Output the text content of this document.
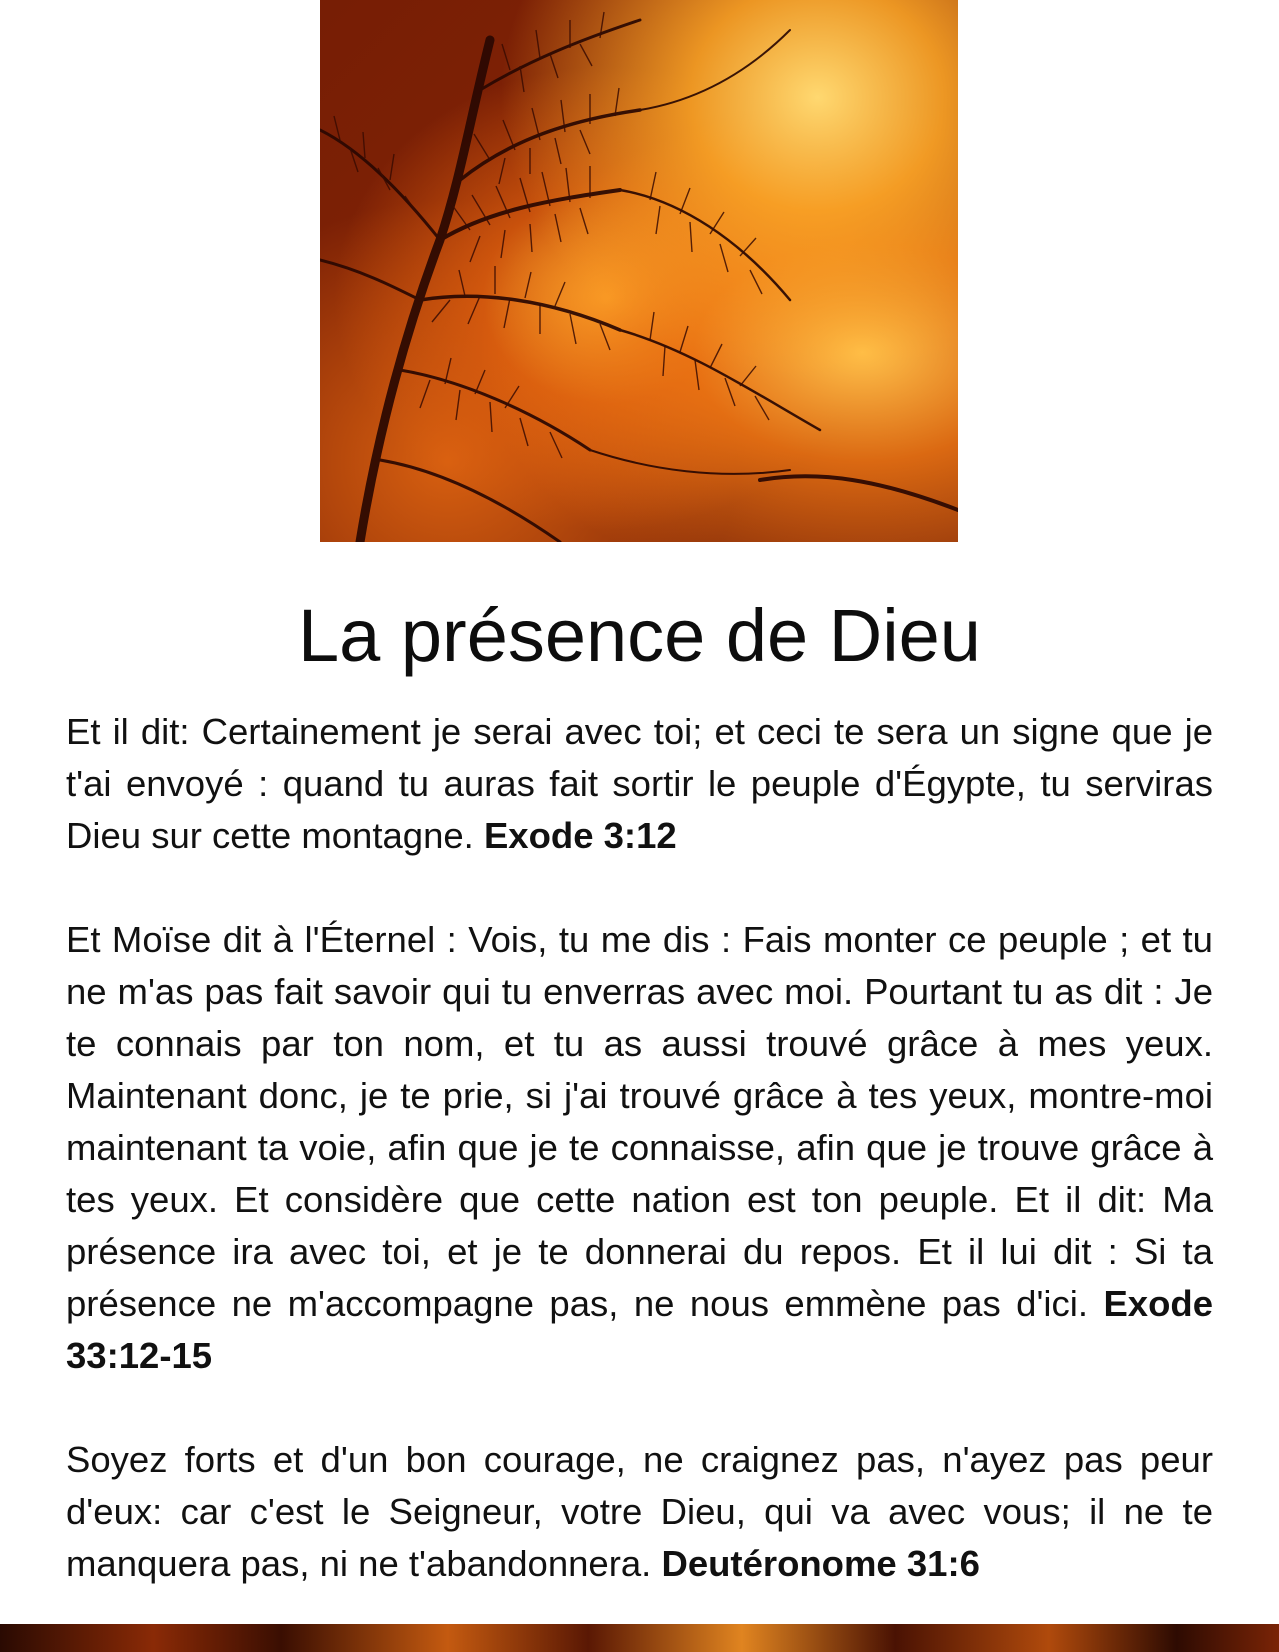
La présence de Dieu

Et il dit: Certainement je serai avec toi; et ceci te sera un signe que je t'ai envoyé : quand tu auras fait sortir le peuple d'Égypte, tu serviras Dieu sur cette montagne. Exode 3:12

Et Moïse dit à l'Éternel : Vois, tu me dis : Fais monter ce peuple ; et tu ne m'as pas fait savoir qui tu enverras avec moi. Pourtant tu as dit : Je te connais par ton nom, et tu as aussi trouvé grâce à mes yeux. Maintenant donc, je te prie, si j'ai trouvé grâce à tes yeux, montre-moi maintenant ta voie, afin que je te connaisse, afin que je trouve grâce à tes yeux. Et considère que cette nation est ton peuple. Et il dit: Ma présence ira avec toi, et je te donnerai du repos. Et il lui dit : Si ta présence ne m'accompagne pas, ne nous emmène pas d'ici. Exode 33:12-15

Soyez forts et d'un bon courage, ne craignez pas, n'ayez pas peur d'eux: car c'est le Seigneur, votre Dieu, qui va avec vous; il ne te manquera pas, ni ne t'abandonnera. Deutéronome 31:6
